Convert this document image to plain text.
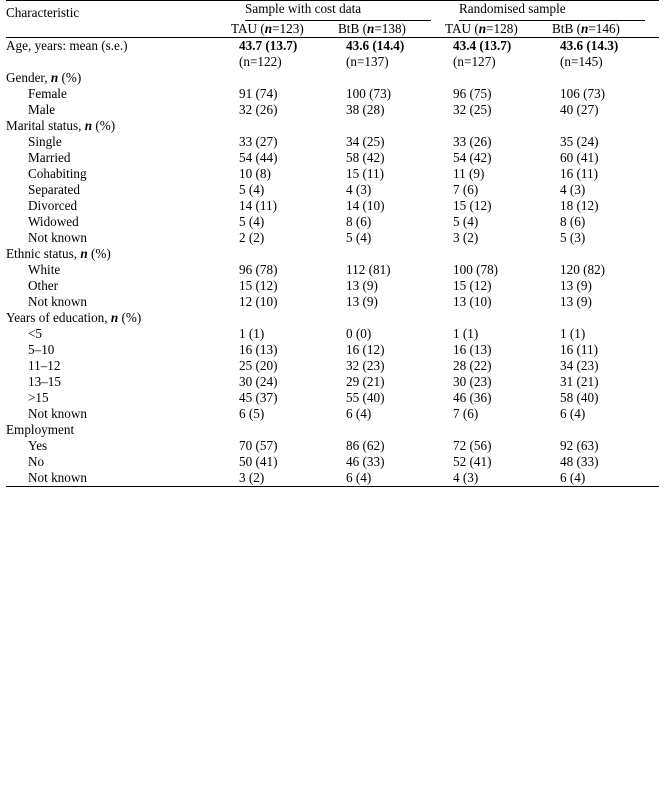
Characteristic	Sample with cost data		Randomised sample	

	TAU (n=123)	BtB (n=138)	TAU (n=128)	BtB (n=146)
Age, years: mean (s.e.)	43.7 (13.7)	43.6 (14.4)	43.4 (13.7)	43.6 (14.3)
	(n=122)	(n=137)	(n=127)	(n=145)
Gender, n (%)				
Female	91 (74)	100 (73)	96 (75)	106 (73)
Male	32 (26)	38 (28)	32 (25)	40 (27)
Marital status, n (%)				
Single	33 (27)	34 (25)	33 (26)	35 (24)
Married	54 (44)	58 (42)	54 (42)	60 (41)
Cohabiting	10 (8)	15 (11)	11 (9)	16 (11)
Separated	5 (4)	4 (3)	7 (6)	4 (3)
Divorced	14 (11)	14 (10)	15 (12)	18 (12)
Widowed	5 (4)	8 (6)	5 (4)	8 (6)
Not known	2 (2)	5 (4)	3 (2)	5 (3)
Ethnic status, n (%)				
White	96 (78)	112 (81)	100 (78)	120 (82)
Other	15 (12)	13 (9)	15 (12)	13 (9)
Not known	12 (10)	13 (9)	13 (10)	13 (9)
Years of education, n (%)				
<5	1 (1)	0 (0)	1 (1)	1 (1)
5–10	16 (13)	16 (12)	16 (13)	16 (11)
11–12	25 (20)	32 (23)	28 (22)	34 (23)
13–15	30 (24)	29 (21)	30 (23)	31 (21)
>15	45 (37)	55 (40)	46 (36)	58 (40)
Not known	6 (5)	6 (4)	7 (6)	6 (4)
Employment				
Yes	70 (57)	86 (62)	72 (56)	92 (63)
No	50 (41)	46 (33)	52 (41)	48 (33)
Not known	3 (2)	6 (4)	4 (3)	6 (4)
